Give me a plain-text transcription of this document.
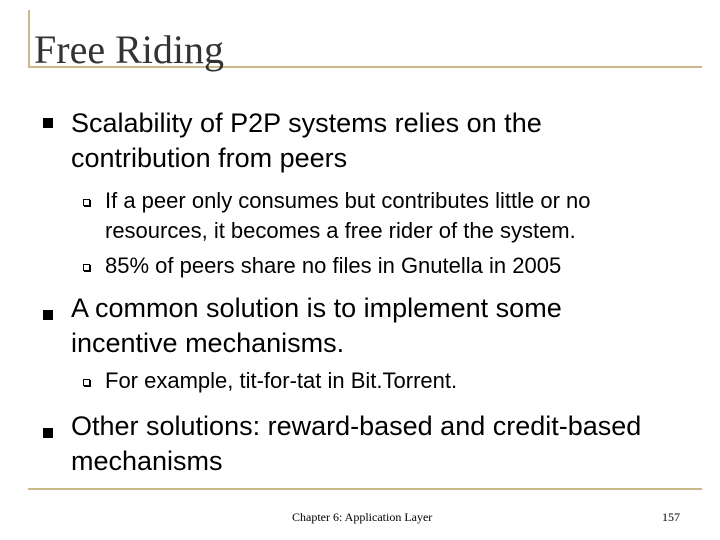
Free Riding
Scalability of P2P systems relies on the contribution from peers
If a peer only consumes but contributes little or no resources, it becomes a free rider of the system.
85% of peers share no files in Gnutella in 2005
A common solution is to implement some incentive mechanisms.
For example, tit-for-tat in Bit.Torrent.
Other solutions: reward-based and credit-based mechanisms
Chapter 6: Application Layer	157
